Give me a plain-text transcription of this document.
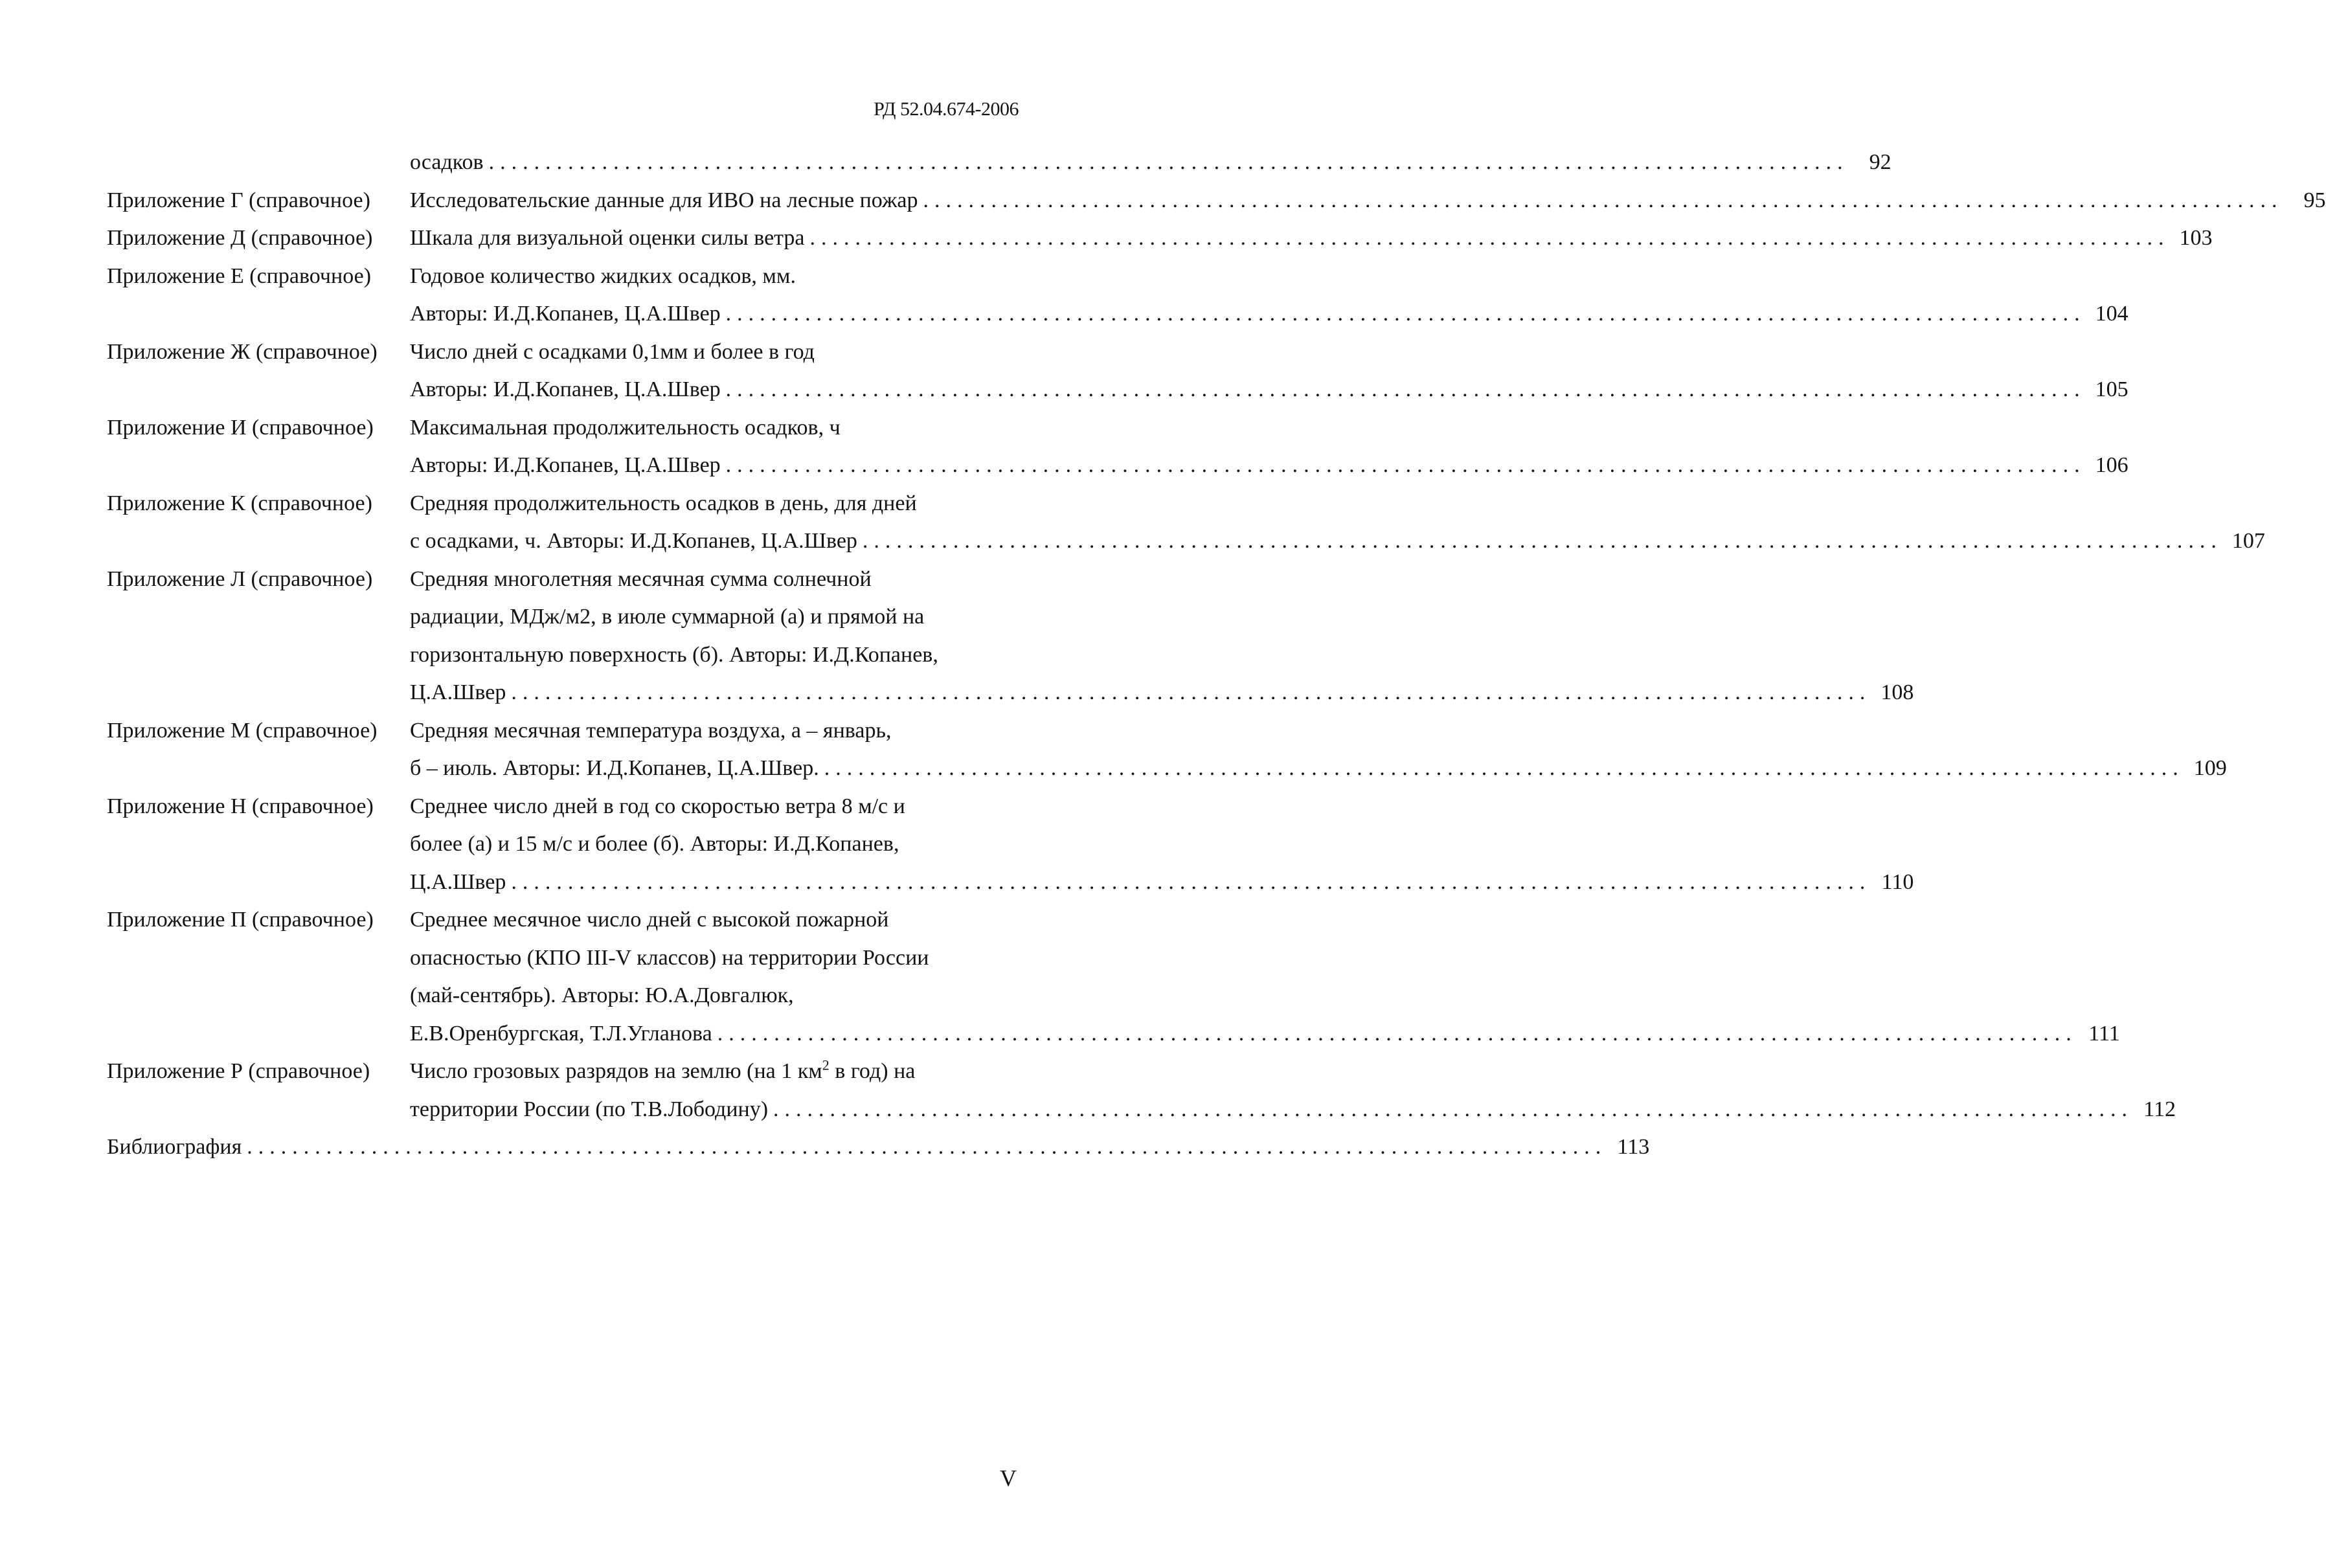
РД 52.04.674-2006
осадков ........................................................................................................................ 92
Приложение Г (справочное) Исследовательские данные для ИВО на лесные пожар ........................................................................................................................ 95
Приложение Д (справочное) Шкала для визуальной оценки силы ветра ........................................................................................................................ 103
Приложение Е (справочное) Годовое количество жидких осадков, мм.
Авторы: И.Д.Копанев, Ц.А.Швер ........................................................................................................................ 104
Приложение Ж (справочное) Число дней с осадками 0,1мм и более в год
Авторы: И.Д.Копанев, Ц.А.Швер ........................................................................................................................ 105
Приложение И (справочное) Максимальная продолжительность осадков, ч
Авторы: И.Д.Копанев, Ц.А.Швер ........................................................................................................................ 106
Приложение К (справочное) Средняя продолжительность осадков в день, для дней
с осадками, ч. Авторы: И.Д.Копанев, Ц.А.Швер ........................................................................................................................ 107
Приложение Л (справочное) Средняя многолетняя месячная сумма солнечной
радиации, МДж/м2, в июле суммарной (а) и прямой на
горизонтальную поверхность (б). Авторы: И.Д.Копанев,
Ц.А.Швер ........................................................................................................................ 108
Приложение М (справочное) Средняя месячная температура воздуха, а – январь,
б – июль. Авторы: И.Д.Копанев, Ц.А.Швер. ........................................................................................................................ 109
Приложение Н (справочное) Среднее число дней в год со скоростью ветра 8 м/с и
более (а) и 15 м/с и более (б). Авторы: И.Д.Копанев,
Ц.А.Швер ........................................................................................................................ 110
Приложение П (справочное) Среднее месячное число дней с высокой пожарной
опасностью (КПО III-V классов) на территории России
(май-сентябрь). Авторы: Ю.А.Довгалюк,
Е.В.Оренбургская, Т.Л.Угланова ........................................................................................................................ 111
Приложение Р (справочное) Число грозовых разрядов на землю (на 1 $км^2$ в год) на
территории России (по Т.В.Лободину) ........................................................................................................................ 112
Библиография ........................................................................................................................ 113
V
